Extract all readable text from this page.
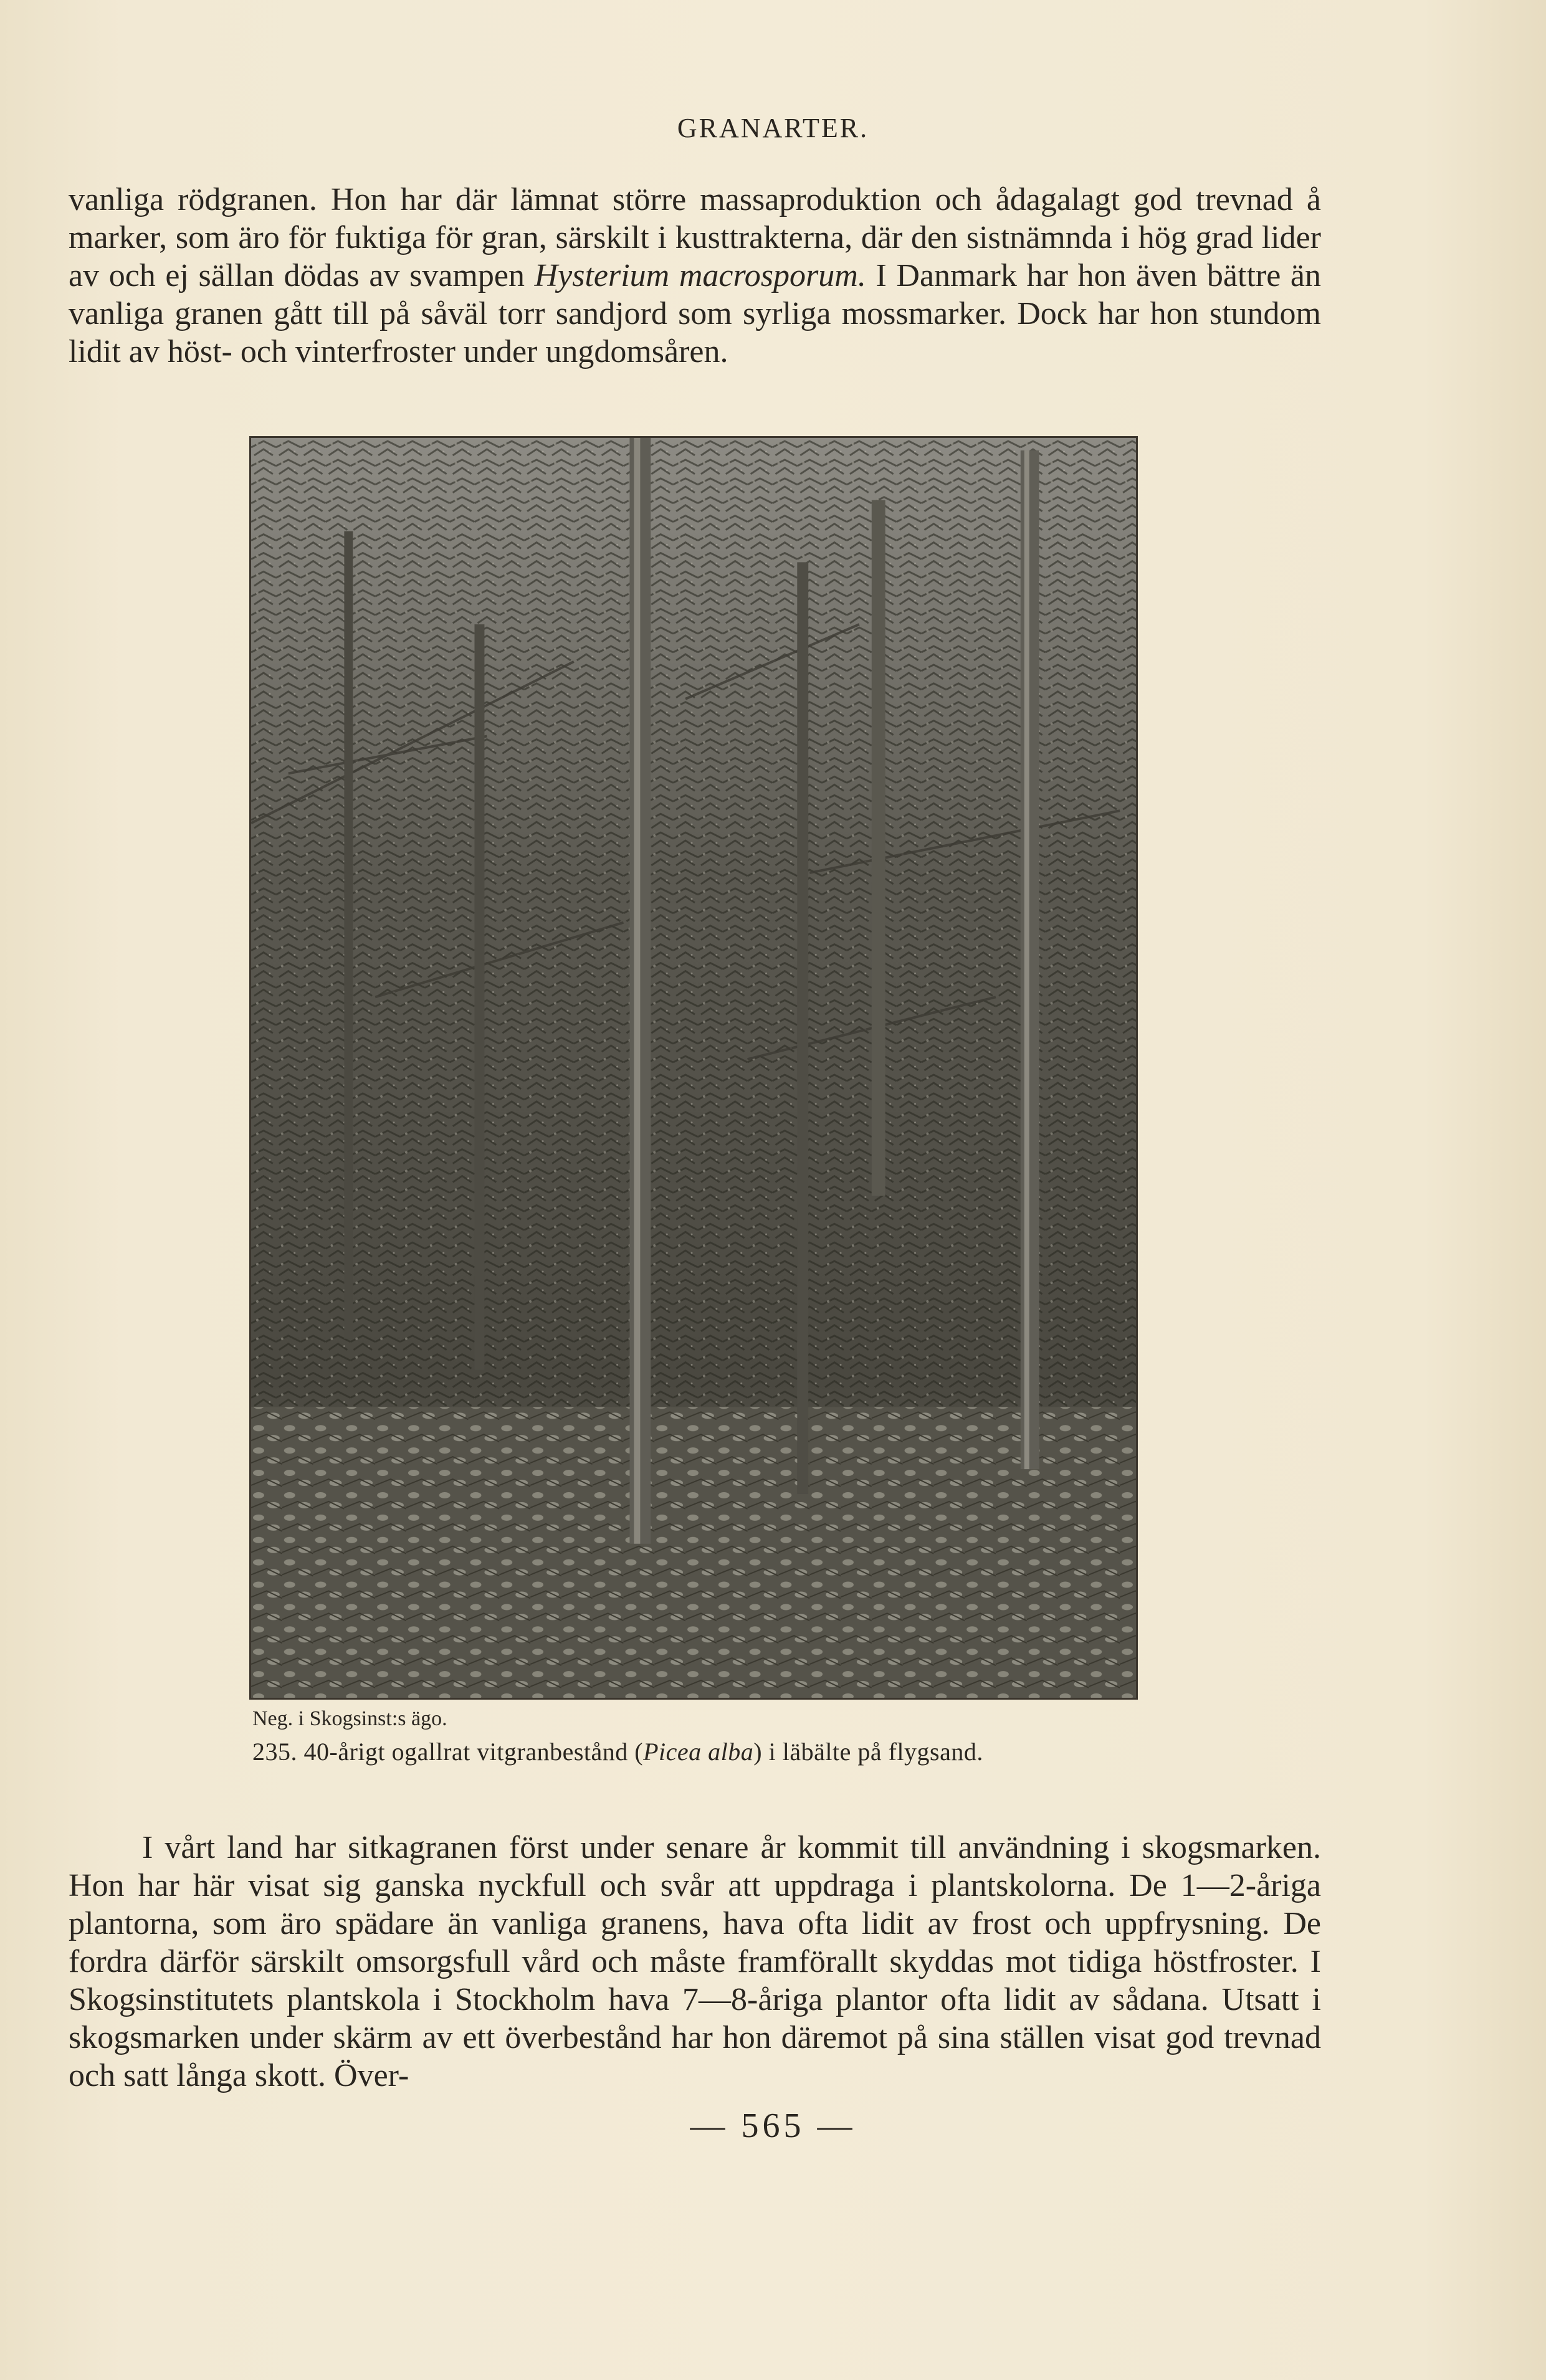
GRANARTER.

vanliga rödgranen. Hon har där lämnat större massaproduktion och ådagalagt god trevnad å marker, som äro för fuktiga för gran, särskilt i kusttrakterna, där den sistnämnda i hög grad lider av och ej sällan dödas av svampen Hysterium macrosporum. I Danmark har hon även bättre än vanliga granen gått till på såväl torr sandjord som syrliga mossmarker. Dock har hon stundom lidit av höst- och vinterfroster under ungdomsåren.

Neg. i Skogsinst:s ägo.
235. 40-årigt ogallrat vitgranbestånd (Picea alba) i läbälte på flygsand.

I vårt land har sitkagranen först under senare år kommit till användning i skogsmarken. Hon har här visat sig ganska nyckfull och svår att uppdraga i plantskolorna. De 1—2-åriga plantorna, som äro spädare än vanliga granens, hava ofta lidit av frost och uppfrysning. De fordra därför särskilt omsorgsfull vård och måste framförallt skyddas mot tidiga höstfroster. I Skogsinstitutets plantskola i Stockholm hava 7—8-åriga plantor ofta lidit av sådana. Utsatt i skogsmarken under skärm av ett överbestånd har hon däremot på sina ställen visat god trevnad och satt långa skott. Över-

— 565 —
